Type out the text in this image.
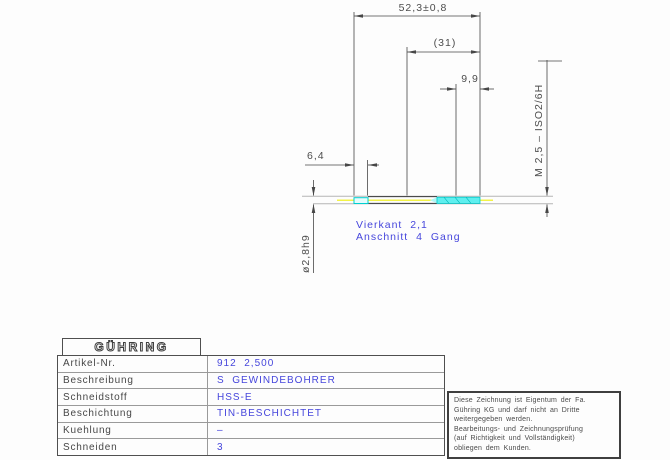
52,3±0,8
(31)
9,9
6,4
ø2,8h9
M 2,5 – ISO2/6H
Vierkant 2,1
Anschnitt 4 Gang
GÜHRING
Artikel-Nr.	912  2,500
Beschreibung	S  GEWINDEBOHRER
Schneidstoff	HSS-E
Beschichtung	TIN-BESCHICHTET
Kuehlung	–
Schneiden	3
Diese Zeichnung ist Eigentum der Fa.
Gühring KG und darf nicht an Dritte
weitergegeben werden.
Bearbeitungs- und Zeichnungsprüfung
(auf Richtigkeit und Vollständigkeit)
obliegen dem Kunden.
